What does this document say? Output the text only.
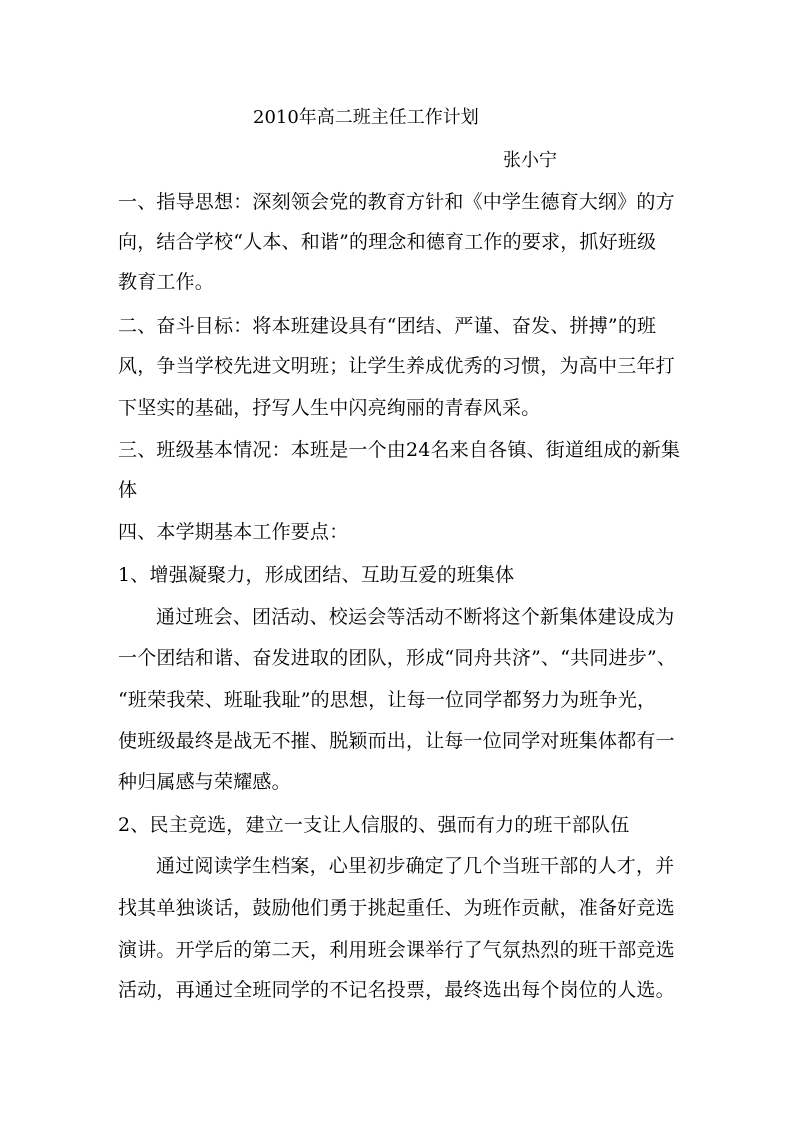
2010年高二班主任工作计划
张小宁
一、指导思想：深刻领会党的教育方针和《中学生德育大纲》的方
向，结合学校“人本、和谐”的理念和德育工作的要求，抓好班级
教育工作。
二、奋斗目标：将本班建设具有“团结、严谨、奋发、拼搏”的班
风，争当学校先进文明班；让学生养成优秀的习惯，为高中三年打
下坚实的基础，抒写人生中闪亮绚丽的青春风采。
三、班级基本情况：本班是一个由24名来自各镇、街道组成的新集
体
四、本学期基本工作要点：
1、增强凝聚力，形成团结、互助互爱的班集体
通过班会、团活动、校运会等活动不断将这个新集体建设成为
一个团结和谐、奋发进取的团队，形成“同舟共济”、“共同进步”、
“班荣我荣、班耻我耻”的思想，让每一位同学都努力为班争光，
使班级最终是战无不摧、脱颖而出，让每一位同学对班集体都有一
种归属感与荣耀感。
2、民主竞选，建立一支让人信服的、强而有力的班干部队伍
通过阅读学生档案，心里初步确定了几个当班干部的人才，并
找其单独谈话，鼓励他们勇于挑起重任、为班作贡献，准备好竞选
演讲。开学后的第二天，利用班会课举行了气氛热烈的班干部竞选
活动，再通过全班同学的不记名投票，最终选出每个岗位的人选。
